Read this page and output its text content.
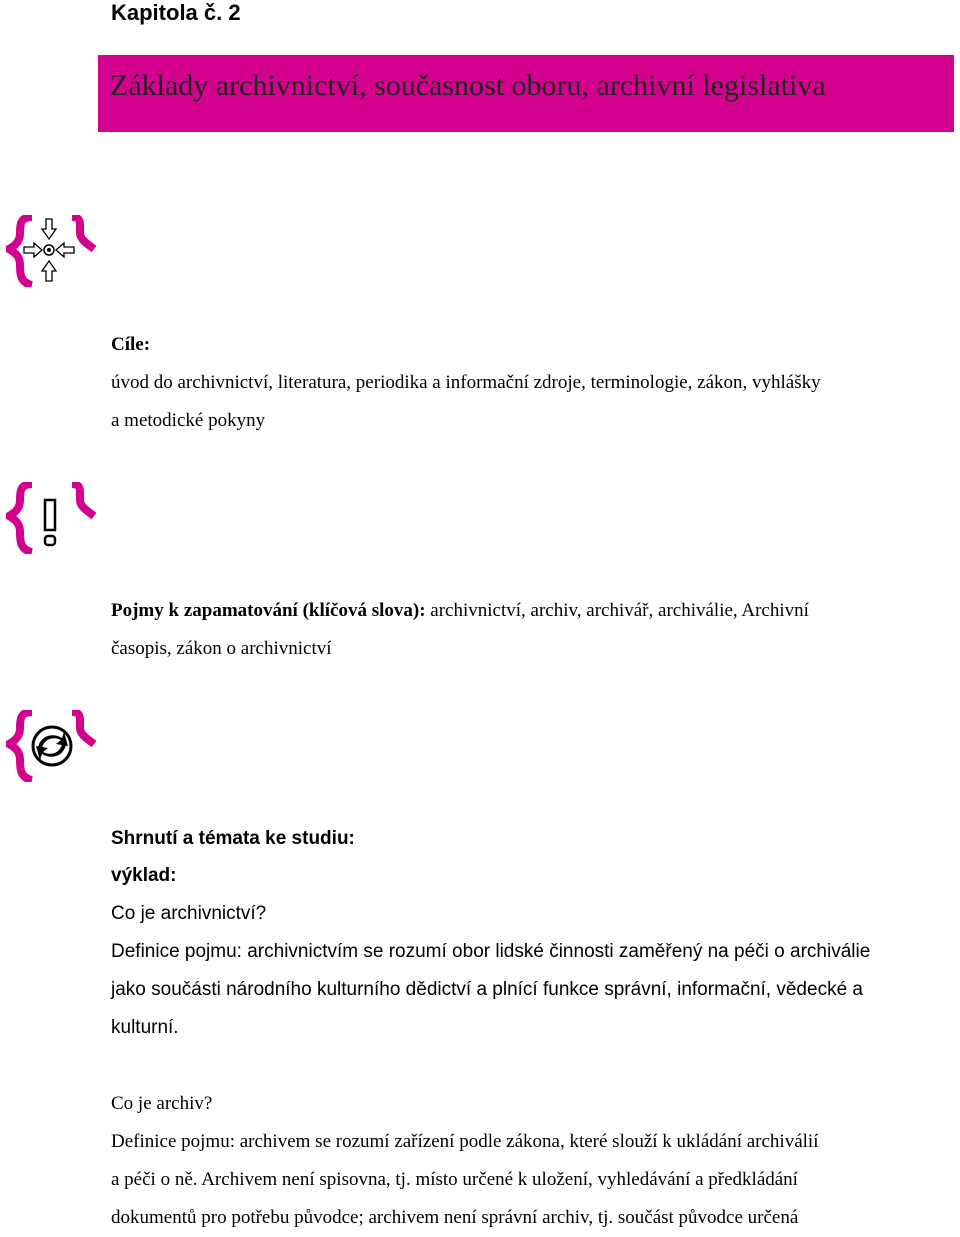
Kapitola č. 2
Základy archivnictví, současnost oboru, archivní legislativa
Cíle:
úvod do archivnictví, literatura, periodika a informační zdroje, terminologie, zákon, vyhlášky
a metodické pokyny
Pojmy k zapamatování (klíčová slova): archivnictví, archiv, archivář, archiválie, Archivní
časopis, zákon o archivnictví
Shrnutí a témata ke studiu:
výklad:
Co je archivnictví?
Definice pojmu: archivnictvím se rozumí obor lidské činnosti zaměřený na péči o archiválie
jako součásti národního kulturního dědictví a plnící funkce správní, informační, vědecké a
kulturní.
Co je archiv?
Definice pojmu: archivem se rozumí zařízení podle zákona, které slouží k ukládání archiválií
a péči o ně. Archivem není spisovna, tj. místo určené k uložení, vyhledávání a předkládání
dokumentů pro potřebu původce; archivem není správní archiv, tj. součást původce určená
